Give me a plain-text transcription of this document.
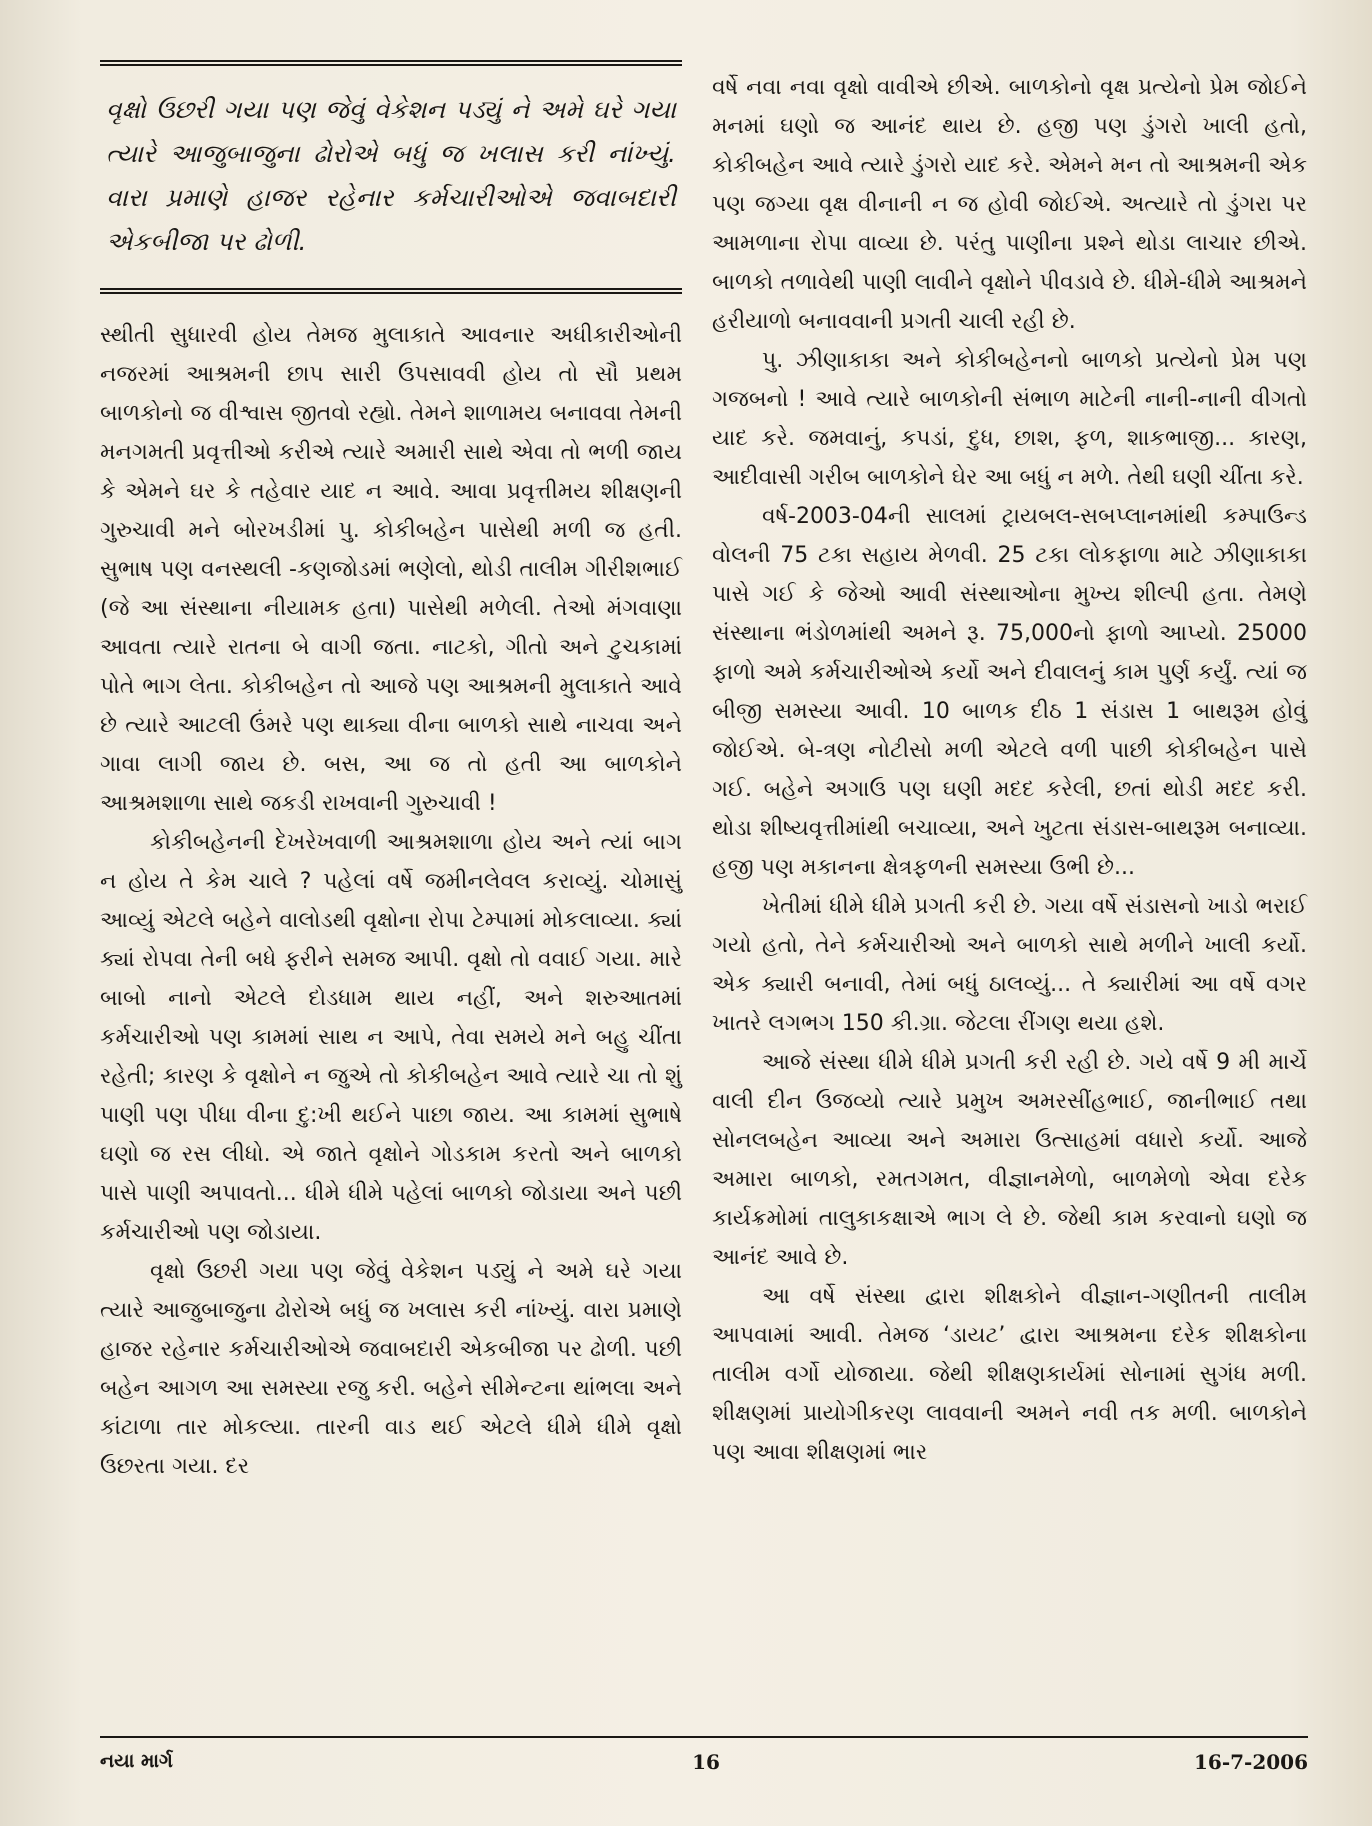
વૃક્ષો ઉછરી ગયા પણ જેવું વેકેશન પડ્યું ને અમે ઘરે ગયા ત્યારે આજુબાજુના ઢોરોએ બધું જ ખલાસ કરી નાંખ્યું. વારા પ્રમાણે હાજર રહેનાર કર્મચારીઓએ જવાબદારી એકબીજા પર ઢોળી.

સ્થીતી સુધારવી હોય તેમજ મુલાકાતે આવનાર અધીકારીઓની નજરમાં આશ્રમની છાપ સારી ઉપસાવવી હોય તો સૌ પ્રથમ બાળકોનો જ વીશ્વાસ જીતવો રહ્યો. તેમને શાળામય બનાવવા તેમની મનગમતી પ્રવૃત્તીઓ કરીએ ત્યારે અમારી સાથે એવા તો ભળી જાય કે એમને ઘર કે તહેવાર યાદ ન આવે. આવા પ્રવૃત્તીમય શીક્ષણની ગુરુચાવી મને બોરખડીમાં પુ. કોકીબહેન પાસેથી મળી જ હતી. સુભાષ પણ વનસ્થલી -કણજોડમાં ભણેલો, થોડી તાલીમ ગીરીશભાઈ (જે આ સંસ્થાના નીયામક હતા) પાસેથી મળેલી. તેઓ મંગવાણા આવતા ત્યારે રાતના બે વાગી જતા. નાટકો, ગીતો અને ટુચકામાં પોતે ભાગ લેતા. કોકીબહેન તો આજે પણ આશ્રમની મુલાકાતે આવે છે ત્યારે આટલી ઉંમરે પણ થાક્યા વીના બાળકો સાથે નાચવા અને ગાવા લાગી જાય છે. બસ, આ જ તો હતી આ બાળકોને આશ્રમશાળા સાથે જકડી રાખવાની ગુરુચાવી !

કોકીબહેનની દેખરેખવાળી આશ્રમશાળા હોય અને ત્યાં બાગ ન હોય તે કેમ ચાલે ? પહેલાં વર્ષે જમીનલેવલ કરાવ્યું. ચોમાસું આવ્યું એટલે બહેને વાલોડથી વૃક્ષોના રોપા ટેમ્પામાં મોકલાવ્યા. ક્યાં ક્યાં રોપવા તેની બધે ફરીને સમજ આપી. વૃક્ષો તો વવાઈ ગયા. મારે બાબો નાનો એટલે દોડધામ થાય નહીં, અને શરુઆતમાં કર્મચારીઓ પણ કામમાં સાથ ન આપે, તેવા સમયે મને બહુ ચીંતા રહેતી; કારણ કે વૃક્ષોને ન જુએ તો કોકીબહેન આવે ત્યારે ચા તો શું પાણી પણ પીધા વીના દુ:ખી થઈને પાછા જાય. આ કામમાં સુભાષે ઘણો જ રસ લીધો. એ જાતે વૃક્ષોને ગોડકામ કરતો અને બાળકો પાસે પાણી અપાવતો... ધીમે ધીમે પહેલાં બાળકો જોડાયા અને પછી કર્મચારીઓ પણ જોડાયા.

વૃક્ષો ઉછરી ગયા પણ જેવું વેકેશન પડ્યું ને અમે ઘરે ગયા ત્યારે આજુબાજુના ઢોરોએ બધું જ ખલાસ કરી નાંખ્યું. વારા પ્રમાણે હાજર રહેનાર કર્મચારીઓએ જવાબદારી એકબીજા પર ઢોળી. પછી બહેન આગળ આ સમસ્યા રજુ કરી. બહેને સીમેન્ટના થાંભલા અને કાંટાળા તાર મોકલ્યા. તારની વાડ થઈ એટલે ધીમે ધીમે વૃક્ષો ઉછરતા ગયા. દર

વર્ષે નવા નવા વૃક્ષો વાવીએ છીએ. બાળકોનો વૃક્ષ પ્રત્યેનો પ્રેમ જોઈને મનમાં ઘણો જ આનંદ થાય છે. હજી પણ ડુંગરો ખાલી હતો, કોકીબહેન આવે ત્યારે ડુંગરો યાદ કરે. એમને મન તો આશ્રમની એક પણ જગ્યા વૃક્ષ વીનાની ન જ હોવી જોઈએ. અત્યારે તો ડુંગરા પર આમળાના રોપા વાવ્યા છે. પરંતુ પાણીના પ્રશ્ને થોડા લાચાર છીએ. બાળકો તળાવેથી પાણી લાવીને વૃક્ષોને પીવડાવે છે. ધીમે-ધીમે આશ્રમને હરીયાળો બનાવવાની પ્રગતી ચાલી રહી છે.

પુ. ઝીણાકાકા અને કોકીબહેનનો બાળકો પ્રત્યેનો પ્રેમ પણ ગજબનો ! આવે ત્યારે બાળકોની સંભાળ માટેની નાની-નાની વીગતો યાદ કરે. જમવાનું, કપડાં, દુધ, છાશ, ફળ, શાકભાજી... કારણ, આદીવાસી ગરીબ બાળકોને ઘેર આ બધું ન મળે. તેથી ઘણી ચીંતા કરે.

વર્ષ-2003-04ની સાલમાં ટ્રાયબલ-સબપ્લાનમાંથી કમ્પાઉન્ડ વોલની 75 ટકા સહાય મેળવી. 25 ટકા લોકફાળા માટે ઝીણાકાકા પાસે ગઈ કે જેઓ આવી સંસ્થાઓના મુખ્ય શીલ્પી હતા. તેમણે સંસ્થાના ભંડોળમાંથી અમને રૂ. 75,000નો ફાળો આપ્યો. 25000 ફાળો અમે કર્મચારીઓએ કર્યો અને દીવાલનું કામ પુર્ણ કર્યું. ત્યાં જ બીજી સમસ્યા આવી. 10 બાળક દીઠ 1 સંડાસ 1 બાથરૂમ હોવું જોઈએ. બે-ત્રણ નોટીસો મળી એટલે વળી પાછી કોકીબહેન પાસે ગઈ. બહેને અગાઉ પણ ઘણી મદદ કરેલી, છતાં થોડી મદદ કરી. થોડા શીષ્યવૃત્તીમાંથી બચાવ્યા, અને ખુટતા સંડાસ-બાથરૂમ બનાવ્યા. હજી પણ મકાનના ક્ષેત્રફળની સમસ્યા ઉભી છે...

ખેતીમાં ધીમે ધીમે પ્રગતી કરી છે. ગયા વર્ષે સંડાસનો ખાડો ભરાઈ ગયો હતો, તેને કર્મચારીઓ અને બાળકો સાથે મળીને ખાલી કર્યો. એક ક્યારી બનાવી, તેમાં બધું ઠાલવ્યું... તે ક્યારીમાં આ વર્ષે વગર ખાતરે લગભગ 150 કી.ગ્રા. જેટલા રીંગણ થયા હશે.

આજે સંસ્થા ધીમે ધીમે પ્રગતી કરી રહી છે. ગયે વર્ષે 9 મી માર્ચે વાલી દીન ઉજવ્યો ત્યારે પ્રમુખ અમરસીંહભાઈ, જાનીભાઈ તથા સોનલબહેન આવ્યા અને અમારા ઉત્સાહમાં વધારો કર્યો. આજે અમારા બાળકો, રમતગમત, વીજ્ઞાનમેળો, બાળમેળો એવા દરેક કાર્યક્રમોમાં તાલુકાકક્ષાએ ભાગ લે છે. જેથી કામ કરવાનો ઘણો જ આનંદ આવે છે.

આ વર્ષે સંસ્થા દ્વારા શીક્ષકોને વીજ્ઞાન-ગણીતની તાલીમ આપવામાં આવી. તેમજ ‘ડાયટ’ દ્વારા આશ્રમના દરેક શીક્ષકોના તાલીમ વર્ગો યોજાયા. જેથી શીક્ષણકાર્યમાં સોનામાં સુગંધ મળી. શીક્ષણમાં પ્રાયોગીકરણ લાવવાની અમને નવી તક મળી. બાળકોને પણ આવા શીક્ષણમાં ભાર

નયા માર્ગ	16	16-7-2006
